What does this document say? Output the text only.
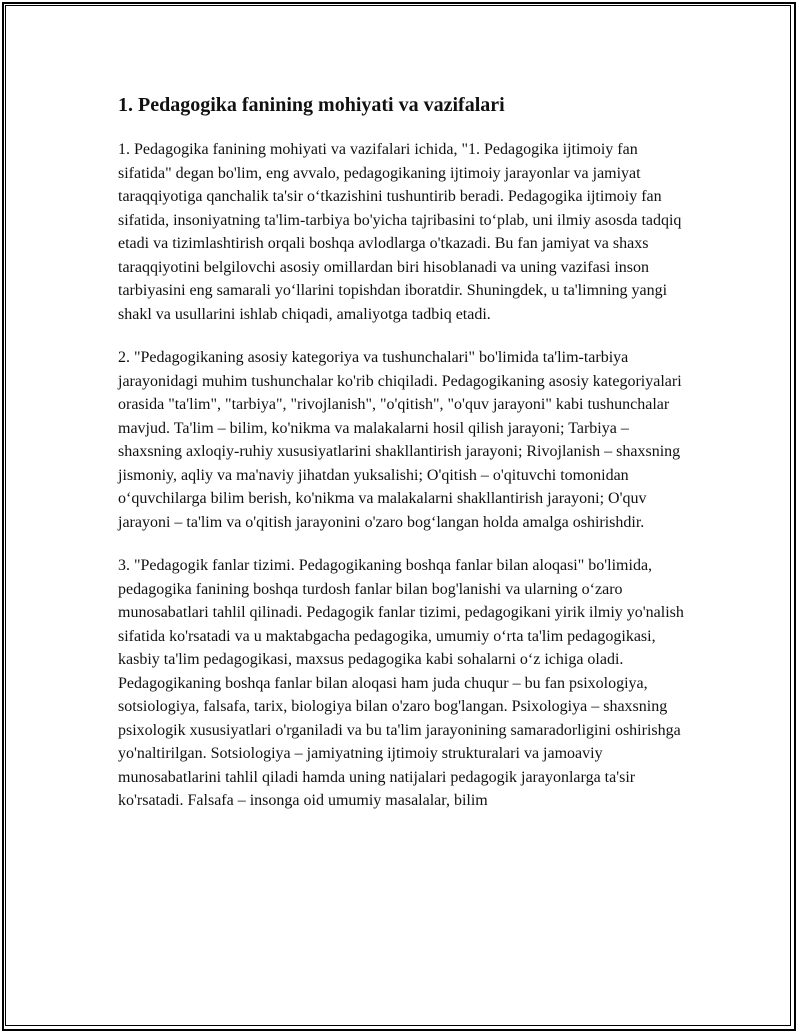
1. Pedagogika fanining mohiyati va vazifalari

1. Pedagogika fanining mohiyati va vazifalari ichida, "1. Pedagogika ijtimoiy fan sifatida" degan bo'lim, eng avvalo, pedagogikaning ijtimoiy jarayonlar va jamiyat taraqqiyotiga qanchalik ta'sir o‘tkazishini tushuntirib beradi. Pedagogika ijtimoiy fan sifatida, insoniyatning ta'lim-tarbiya bo'yicha tajribasini to‘plab, uni ilmiy asosda tadqiq etadi va tizimlashtirish orqali boshqa avlodlarga o'tkazadi. Bu fan jamiyat va shaxs taraqqiyotini belgilovchi asosiy omillardan biri hisoblanadi va uning vazifasi inson tarbiyasini eng samarali yo‘llarini topishdan iboratdir. Shuningdek, u ta'limning yangi shakl va usullarini ishlab chiqadi, amaliyotga tadbiq etadi.

2. "Pedagogikaning asosiy kategoriya va tushunchalari" bo'limida ta'lim-tarbiya jarayonidagi muhim tushunchalar ko'rib chiqiladi. Pedagogikaning asosiy kategoriyalari orasida "ta'lim", "tarbiya", "rivojlanish", "o'qitish", "o'quv jarayoni" kabi tushunchalar mavjud. Ta'lim – bilim, ko'nikma va malakalarni hosil qilish jarayoni; Tarbiya – shaxsning axloqiy-ruhiy xususiyatlarini shakllantirish jarayoni; Rivojlanish – shaxsning jismoniy, aqliy va ma'naviy jihatdan yuksalishi; O'qitish – o'qituvchi tomonidan o‘quvchilarga bilim berish, ko'nikma va malakalarni shakllantirish jarayoni; O'quv jarayoni – ta'lim va o'qitish jarayonini o'zaro bog‘langan holda amalga oshirishdir.

3. "Pedagogik fanlar tizimi. Pedagogikaning boshqa fanlar bilan aloqasi" bo'limida, pedagogika fanining boshqa turdosh fanlar bilan bog'lanishi va ularning o‘zaro munosabatlari tahlil qilinadi. Pedagogik fanlar tizimi, pedagogikani yirik ilmiy yo'nalish sifatida ko'rsatadi va u maktabgacha pedagogika, umumiy o‘rta ta'lim pedagogikasi, kasbiy ta'lim pedagogikasi, maxsus pedagogika kabi sohalarni o‘z ichiga oladi. Pedagogikaning boshqa fanlar bilan aloqasi ham juda chuqur – bu fan psixologiya, sotsiologiya, falsafa, tarix, biologiya bilan o'zaro bog'langan. Psixologiya – shaxsning psixologik xususiyatlari o'rganiladi va bu ta'lim jarayonining samaradorligini oshirishga yo'naltirilgan. Sotsiologiya – jamiyatning ijtimoiy strukturalari va jamoaviy munosabatlarini tahlil qiladi hamda uning natijalari pedagogik jarayonlarga ta'sir ko'rsatadi. Falsafa – insonga oid umumiy masalalar, bilim
